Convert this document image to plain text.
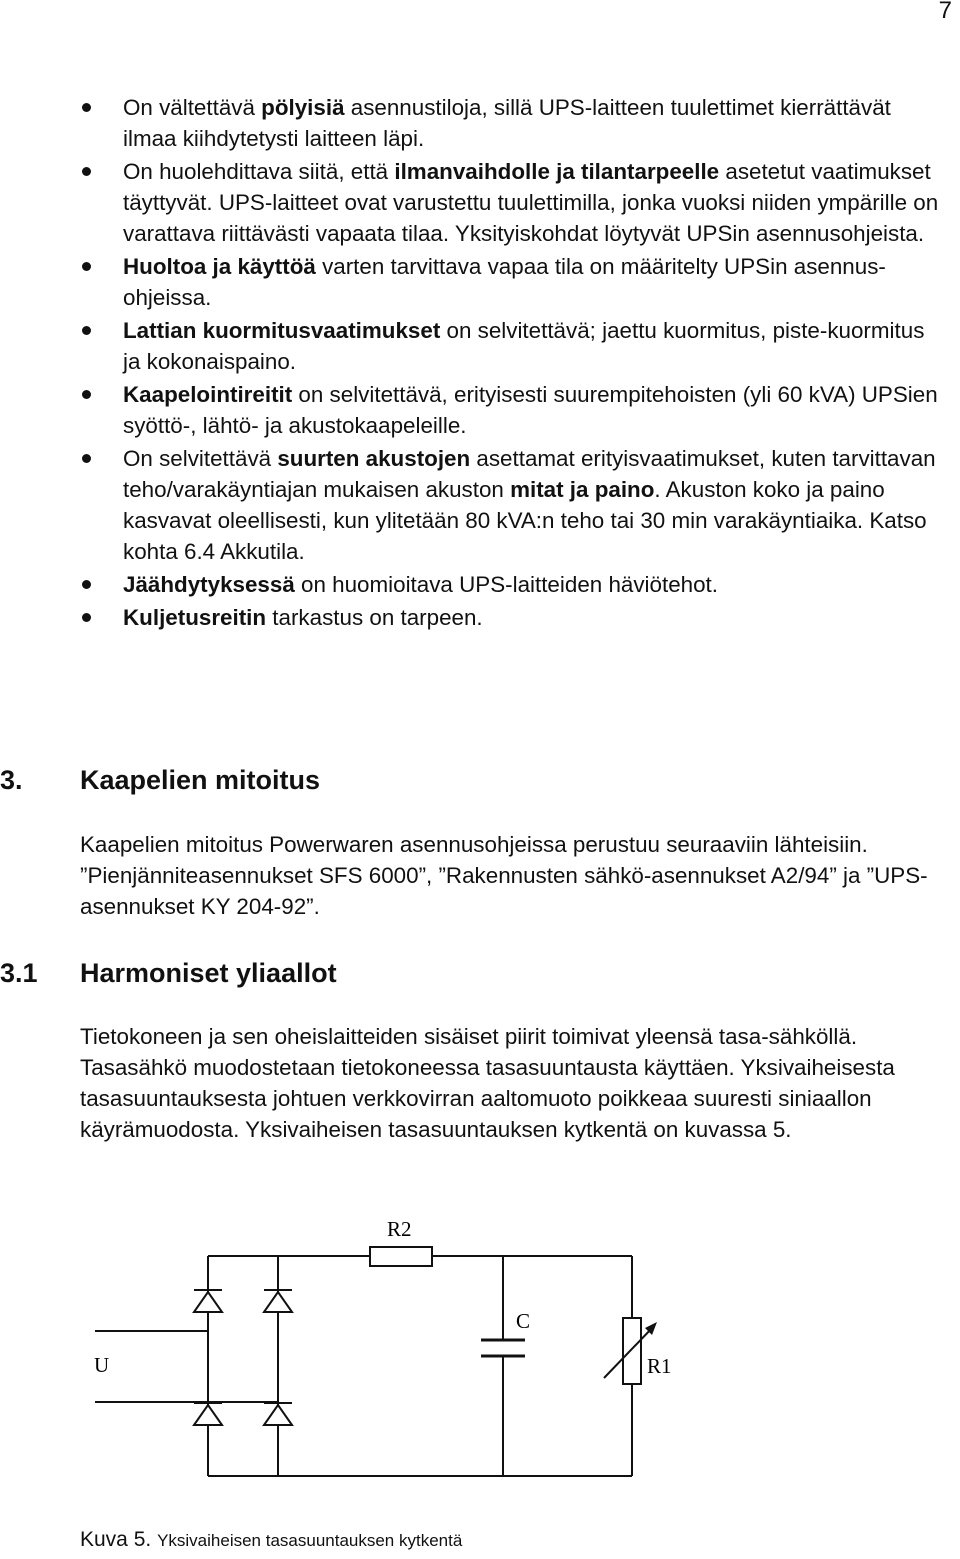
7
On vältettävä pölyisiä asennustiloja, sillä UPS-laitteen tuulettimet kierrättävät ilmaa kiihdytetysti laitteen läpi.
On huolehdittava siitä, että ilmanvaihdolle ja tilantarpeelle asetetut vaatimukset täyttyvät. UPS-laitteet ovat varustettu tuulettimilla, jonka vuoksi niiden ympärille on varattava riittävästi vapaata tilaa. Yksityiskohdat löytyvät UPSin asennusohjeista.
Huoltoa ja käyttöä varten tarvittava vapaa tila on määritelty UPSin asennus-ohjeissa.
Lattian kuormitusvaatimukset on selvitettävä; jaettu kuormitus, piste-kuormitus ja kokonaispaino.
Kaapelointireitit on selvitettävä, erityisesti suurempitehoisten (yli 60 kVA) UPSien syöttö-, lähtö- ja akustokaapeleille.
On selvitettävä suurten akustojen asettamat erityisvaatimukset, kuten tarvittavan teho/varakäyntiajan mukaisen akuston mitat ja paino. Akuston koko ja paino kasvavat oleellisesti, kun ylitetään 80 kVA:n teho tai 30 min varakäyntiaika. Katso kohta 6.4 Akkutila.
Jäähdytyksessä on huomioitava UPS-laitteiden häviötehot.
Kuljetusreitin tarkastus on tarpeen.
3. Kaapelien mitoitus

Kaapelien mitoitus Powerwaren asennusohjeissa perustuu seuraaviin lähteisiin. ”Pienjänniteasennukset SFS 6000”, ”Rakennusten sähkö-asennukset A2/94” ja ”UPS-asennukset KY 204-92”.

3.1 Harmoniset yliaallot

Tietokoneen ja sen oheislaitteiden sisäiset piirit toimivat yleensä tasa-sähköllä. Tasasähkö muodostetaan tietokoneessa tasasuuntausta käyttäen. Yksivaiheisesta tasasuuntauksesta johtuen verkkovirran aaltomuoto poikkeaa suuresti siniaallon käyrämuodosta. Yksivaiheisen tasasuuntauksen kytkentä on kuvassa 5.

R2
C
U	R1
Kuva 5. Yksivaiheisen tasasuuntauksen kytkentä
